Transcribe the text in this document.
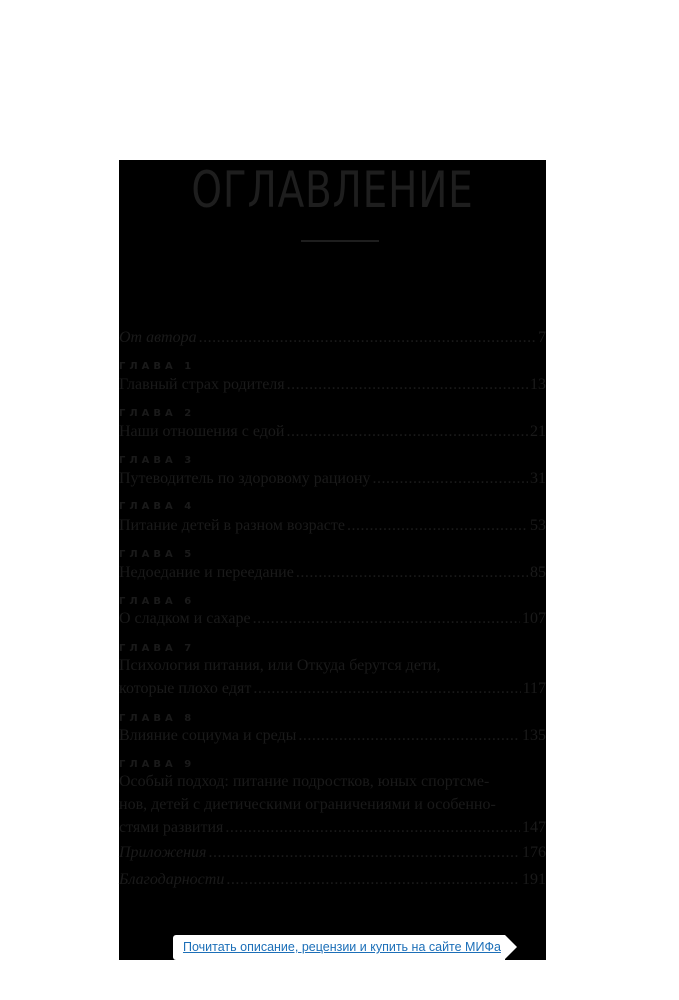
ОГЛАВЛЕНИЕ
От автора .....	7
ГЛАВА 1
Главный страх родителя .....	13
ГЛАВА 2
Наши отношения с едой .....	21
ГЛАВА 3
Путеводитель по здоровому рациону .....	31
ГЛАВА 4
Питание детей в разном возрасте .....	53
ГЛАВА 5
Недоедание и переедание .....	85
ГЛАВА 6
О сладком и сахаре .....	107
ГЛАВА 7
Психология питания, или Откуда берутся дети,
которые плохо едят .....	117
ГЛАВА 8
Влияние социума и среды .....	135
ГЛАВА 9
Особый подход: питание подростков, юных спортсме-
нов, детей с диетическими ограничениями и особенно-
стями развития .....	147
Приложения .....	176
Благодарности .....	191
Почитать описание, рецензии и купить на сайте МИФа
